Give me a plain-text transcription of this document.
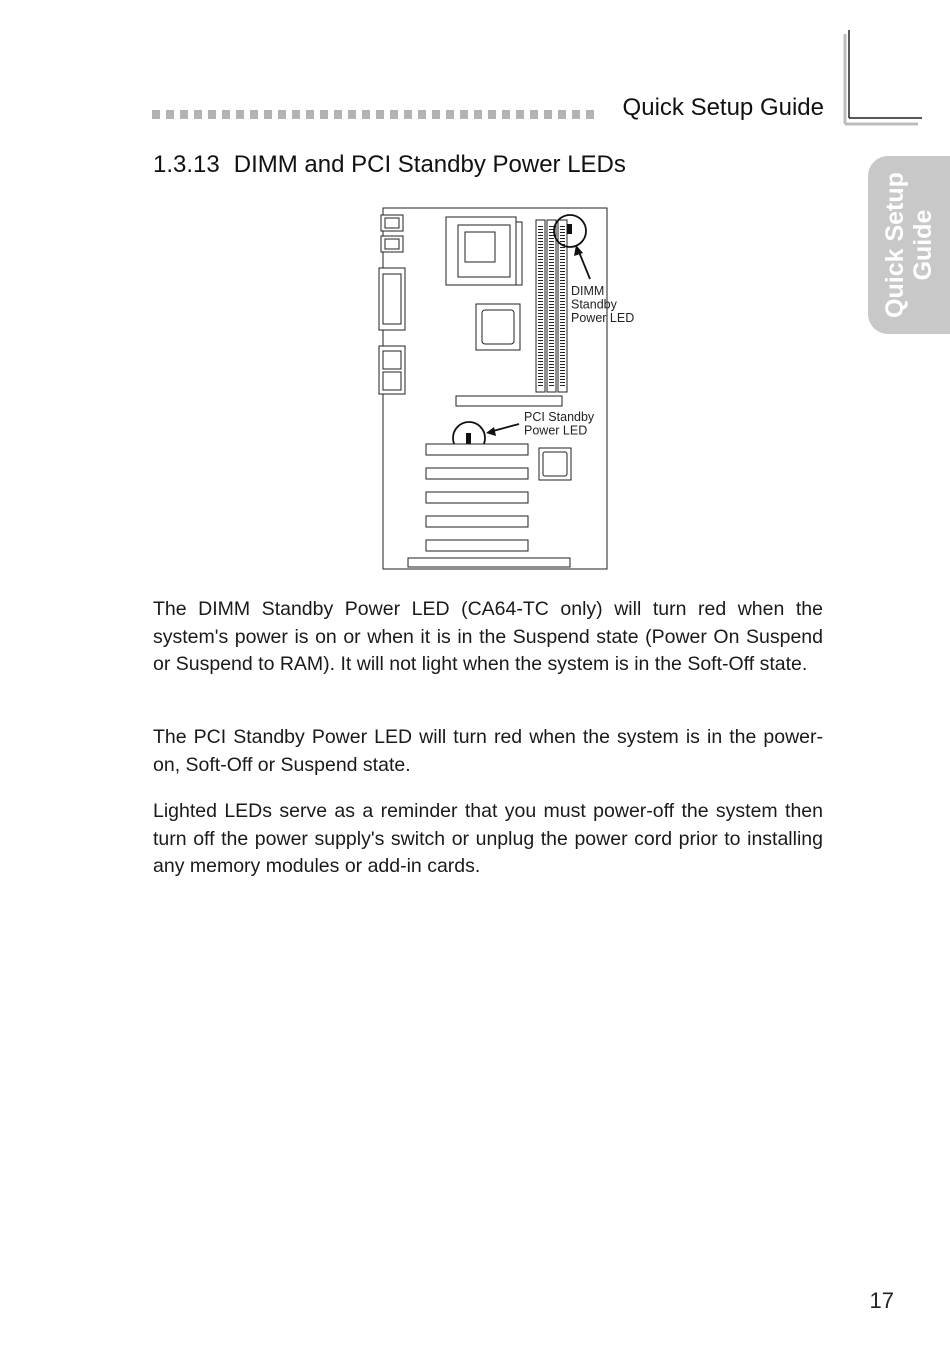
Quick Setup Guide
Quick Setup Guide
1.3.13 DIMM and PCI Standby Power LEDs
DIMM Standby Power LED
PCI Standby Power LED

The DIMM Standby Power LED (CA64-TC only) will turn red when the system's power is on or when it is in the Suspend state (Power On Suspend or Suspend to RAM). It will not light when the system is in the Soft-Off state.

The PCI Standby Power LED will turn red when the system is in the power-on, Soft-Off or Suspend state.

Lighted LEDs serve as a reminder that you must power-off the system then turn off the power supply's switch or unplug the power cord prior to installing any memory modules or add-in cards.

17
